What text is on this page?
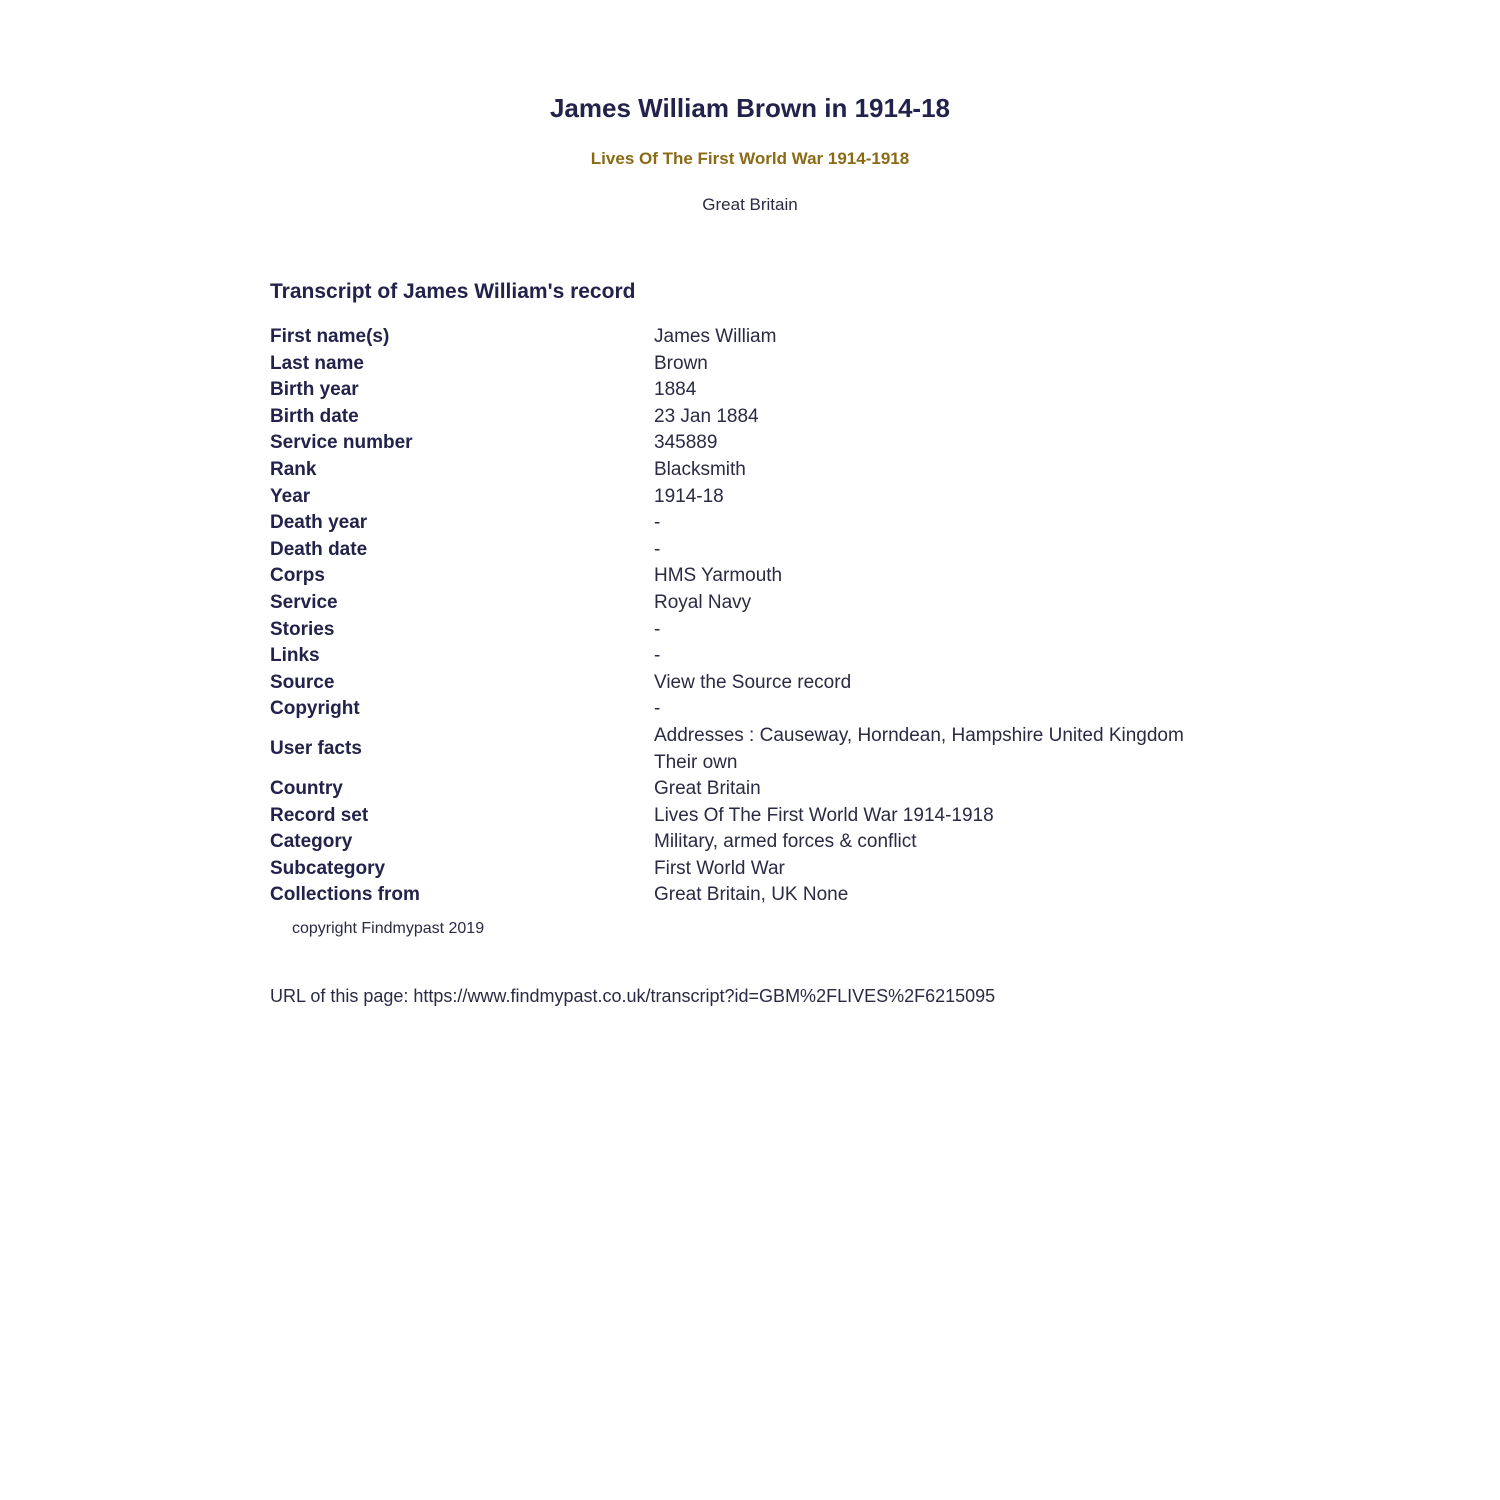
James William Brown in 1914-18
Lives Of The First World War 1914-1918
Great Britain
Transcript of James William's record
First name(s)	James William

Last name	Brown

Birth year	1884

Birth date	23 Jan 1884

Service number	345889

Rank	Blacksmith

Year	1914-18

Death year	-

Death date	-

Corps	HMS Yarmouth

Service	Royal Navy

Stories	-

Links	-

Source	View the Source record

Copyright	-

User facts	Addresses : Causeway, Horndean, Hampshire United Kingdom
Their own

Country	Great Britain

Record set	Lives Of The First World War 1914-1918

Category	Military, armed forces & conflict

Subcategory	First World War

Collections from	Great Britain, UK None
copyright Findmypast 2019
URL of this page: https://www.findmypast.co.uk/transcript?id=GBM%2FLIVES%2F6215095
